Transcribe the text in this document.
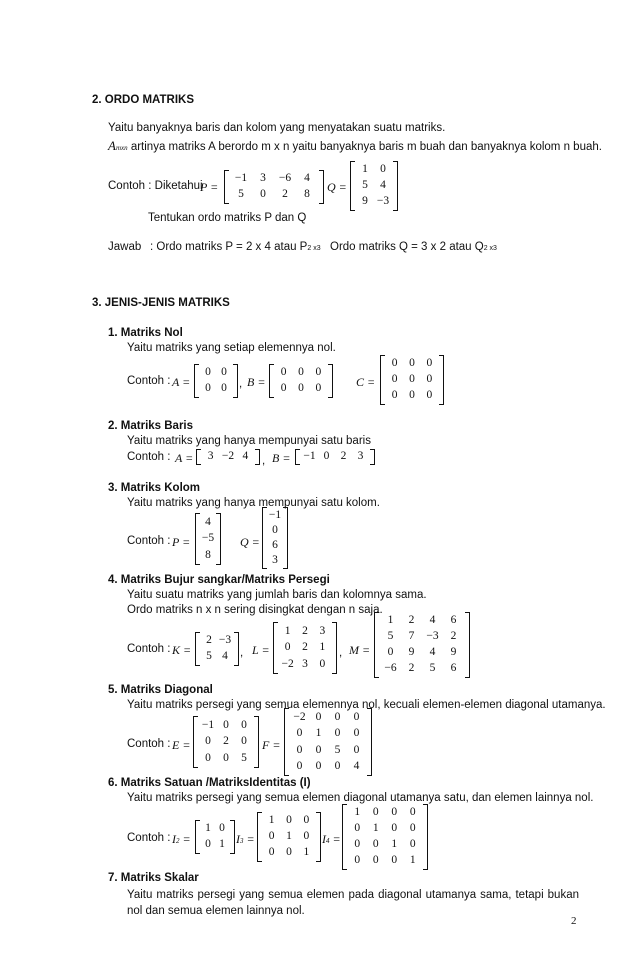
2. ORDO MATRIKS
Yaitu banyaknya baris dan kolom yang menyatakan suatu matriks.
Amxn artinya matriks A berordo m x n yaitu banyaknya baris m buah dan banyaknya kolom n buah.
Contoh : Diketahui
P =
−1 3 −6 4
5 0 2 8
Q =
1 0
5 4
9 −3
Tentukan ordo matriks P dan Q
Jawab : Ordo matriks P = 2 x 4 atau P2 x3 Ordo matriks Q = 3 x 2 atau Q2 x3
3. JENIS-JENIS MATRIKS
1. Matriks Nol
Yaitu matriks yang setiap elemennya nol.
Contoh : A =
0 0
0 0 , B =
0 0 0
0 0 0	C =
0 0 0
0 0 0
0 0 0
2. Matriks Baris
Yaitu matriks yang hanya mempunyai satu baris
Contoh : A = 3 −2 4 , B = −1 0 2 3
3. Matriks Kolom
Yaitu matriks yang hanya mempunyai satu kolom.
Contoh : P =
4
−5
8
Q =
−1
0
6
3
4. Matriks Bujur sangkar/Matriks Persegi
Yaitu suatu matriks yang jumlah baris dan kolomnya sama.
Ordo matriks n x n sering disingkat dengan n saja.
Contoh : K =
2 −3
5 4 , L =
1 2 3
0 2 1
−2 3 0
, M =
1 2 4 6
5 7 −3 2
0 9 4 9
−6 2 5 6
5. Matriks Diagonal
Yaitu matriks persegi yang semua elemennya nol, kecuali elemen-elemen diagonal utamanya.
Contoh : E =
−1 0 0
0 2 0
0 0 5
F =
−2 0 0 0
0 1 0 0
0 0 5 0
0 0 0 4
6. Matriks Satuan /MatriksIdentitas (I)
Yaitu matriks persegi yang semua elemen diagonal utamanya satu, dan elemen lainnya nol.
Contoh : I2 =
1 0
0 1 I3 =
1 0 0
0 1 0
0 0 1
I4 =
1 0 0 0
0 1 0 0
0 0 1 0
0 0 0 1
7. Matriks Skalar
Yaitu matriks persegi yang semua elemen pada diagonal utamanya sama, tetapi bukan nol dan semua elemen lainnya nol.
2
